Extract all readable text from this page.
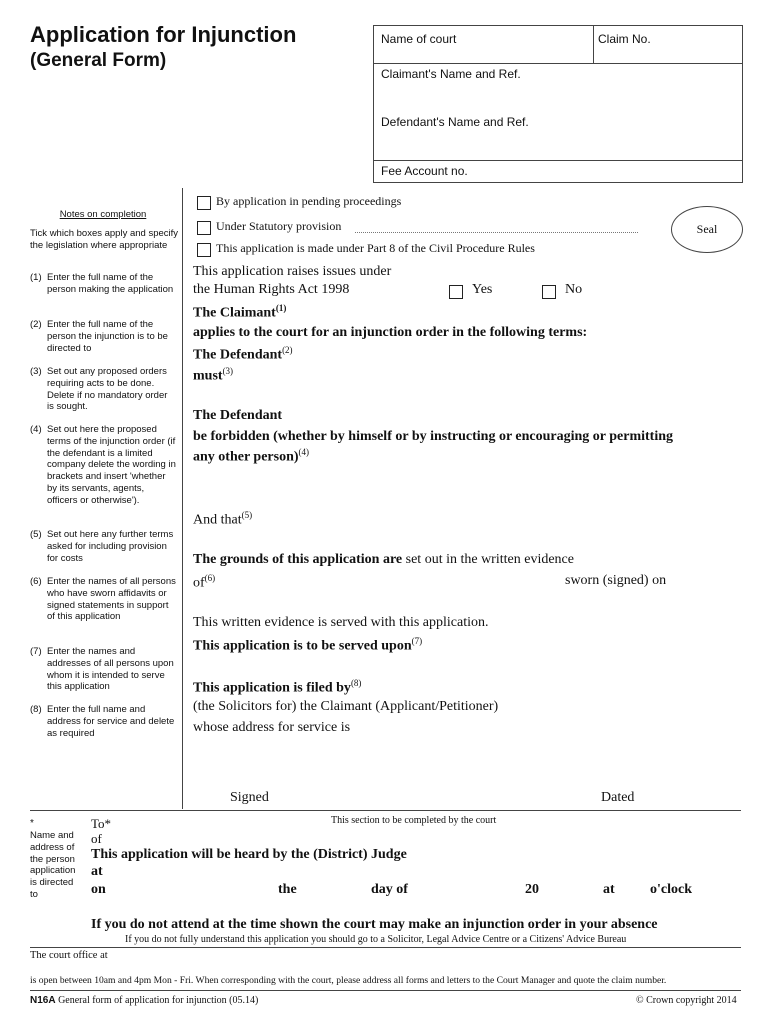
Application for Injunction
(General Form)
Name of court	Claim No.
Claimant's Name and Ref.
Defendant's Name and Ref.
Fee Account no.
By application in pending proceedings
Under Statutory provision
This application is made under Part 8 of the Civil Procedure Rules
Seal
Notes on completion
Tick which boxes apply and specify the legislation where appropriate
(1) Enter the full name of the person making the application
(2) Enter the full name of the person the injunction is to be directed to
(3) Set out any proposed orders requiring acts to be done. Delete if no mandatory order is sought.
(4) Set out here the proposed terms of the injunction order (if the defendant is a limited company delete the wording in brackets and insert 'whether by its servants, agents, officers or otherwise').
(5) Set out here any further terms asked for including provision for costs
(6) Enter the names of all persons who have sworn affidavits or signed statements in support of this application
(7) Enter the names and addresses of all persons upon whom it is intended to serve this application
(8) Enter the full name and address for service and delete as required
This application raises issues under
the Human Rights Act 1998	Yes	No
The Claimant$^{(1)}$
applies to the court for an injunction order in the following terms:
The Defendant$^{(2)}$
must$^{(3)}$
The Defendant
be forbidden (whether by himself or by instructing or encouraging or permitting
any other person)$^{(4)}$
And that$^{(5)}$
The grounds of this application are set out in the written evidence
$of^{(6)}$	sworn (signed) on
This written evidence is served with this application.
This application is to be served upon$^{(7)}$
This application is filed $by^{(8)}$
(the Solicitors for) the Claimant (Applicant/Petitioner)
whose address for service is
Signed	Dated
*
Name and address of the person application is directed to
To*
of
This section to be completed by the court
This application will be heard by the (District) Judge
at
on	the	day of	20	at	o'clock
If you do not attend at the time shown the court may make an injunction order in your absence
If you do not fully understand this application you should go to a Solicitor, Legal Advice Centre or a Citizens' Advice Bureau
The court office at
is open between 10am and 4pm Mon - Fri. When corresponding with the court, please address all forms and letters to the Court Manager and quote the claim number.
N16A General form of application for injunction (05.14)	© Crown copyright 2014
